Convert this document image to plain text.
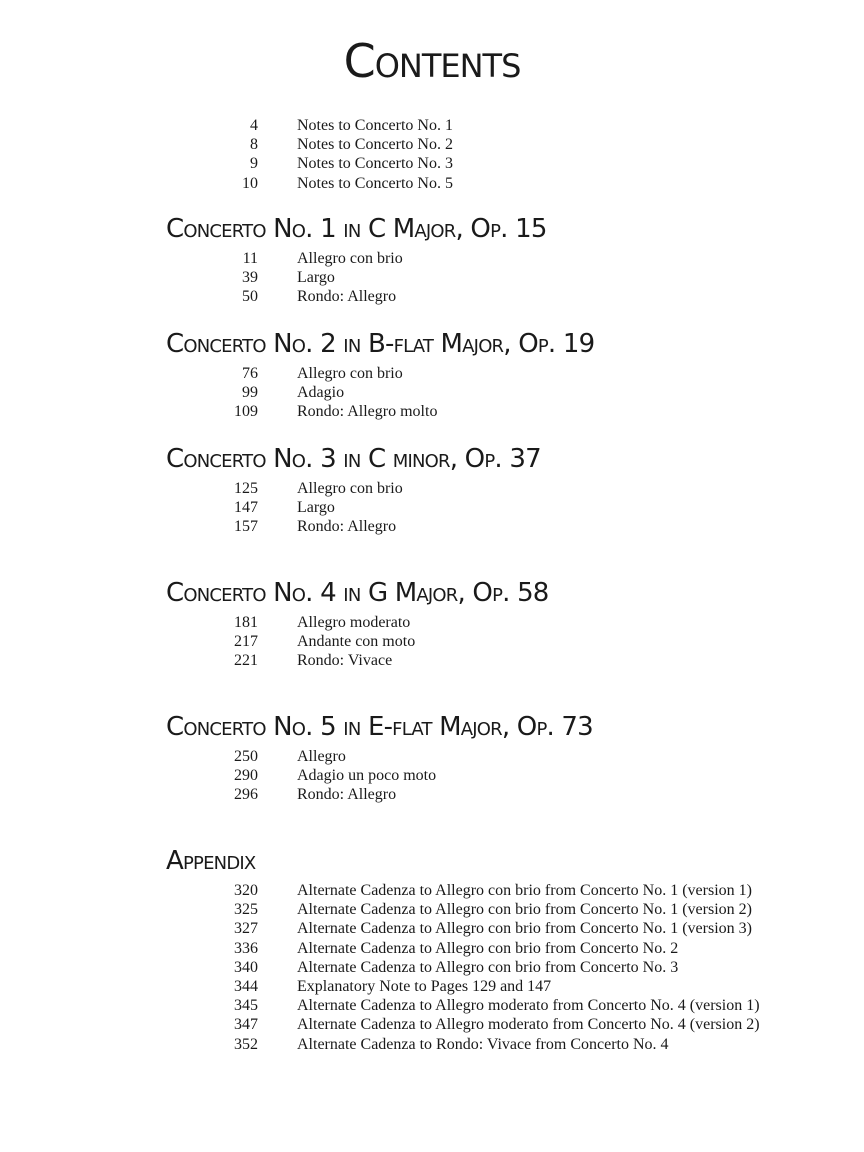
Contents
4 Notes to Concerto No. 1
8 Notes to Concerto No. 2
9 Notes to Concerto No. 3
10 Notes to Concerto No. 5
Concerto No. 1 in C Major, Op. 15
11 Allegro con brio
39 Largo
50 Rondo: Allegro
Concerto No. 2 in B-flat Major, Op. 19
76 Allegro con brio
99 Adagio
109 Rondo: Allegro molto
Concerto No. 3 in C minor, Op. 37
125 Allegro con brio
147 Largo
157 Rondo: Allegro
Concerto No. 4 in G Major, Op. 58
181 Allegro moderato
217 Andante con moto
221 Rondo: Vivace
Concerto No. 5 in E-flat Major, Op. 73
250 Allegro
290 Adagio un poco moto
296 Rondo: Allegro
Appendix
320 Alternate Cadenza to Allegro con brio from Concerto No. 1 (version 1)
325 Alternate Cadenza to Allegro con brio from Concerto No. 1 (version 2)
327 Alternate Cadenza to Allegro con brio from Concerto No. 1 (version 3)
336 Alternate Cadenza to Allegro con brio from Concerto No. 2
340 Alternate Cadenza to Allegro con brio from Concerto No. 3
344 Explanatory Note to Pages 129 and 147
345 Alternate Cadenza to Allegro moderato from Concerto No. 4 (version 1)
347 Alternate Cadenza to Allegro moderato from Concerto No. 4 (version 2)
352 Alternate Cadenza to Rondo: Vivace from Concerto No. 4
